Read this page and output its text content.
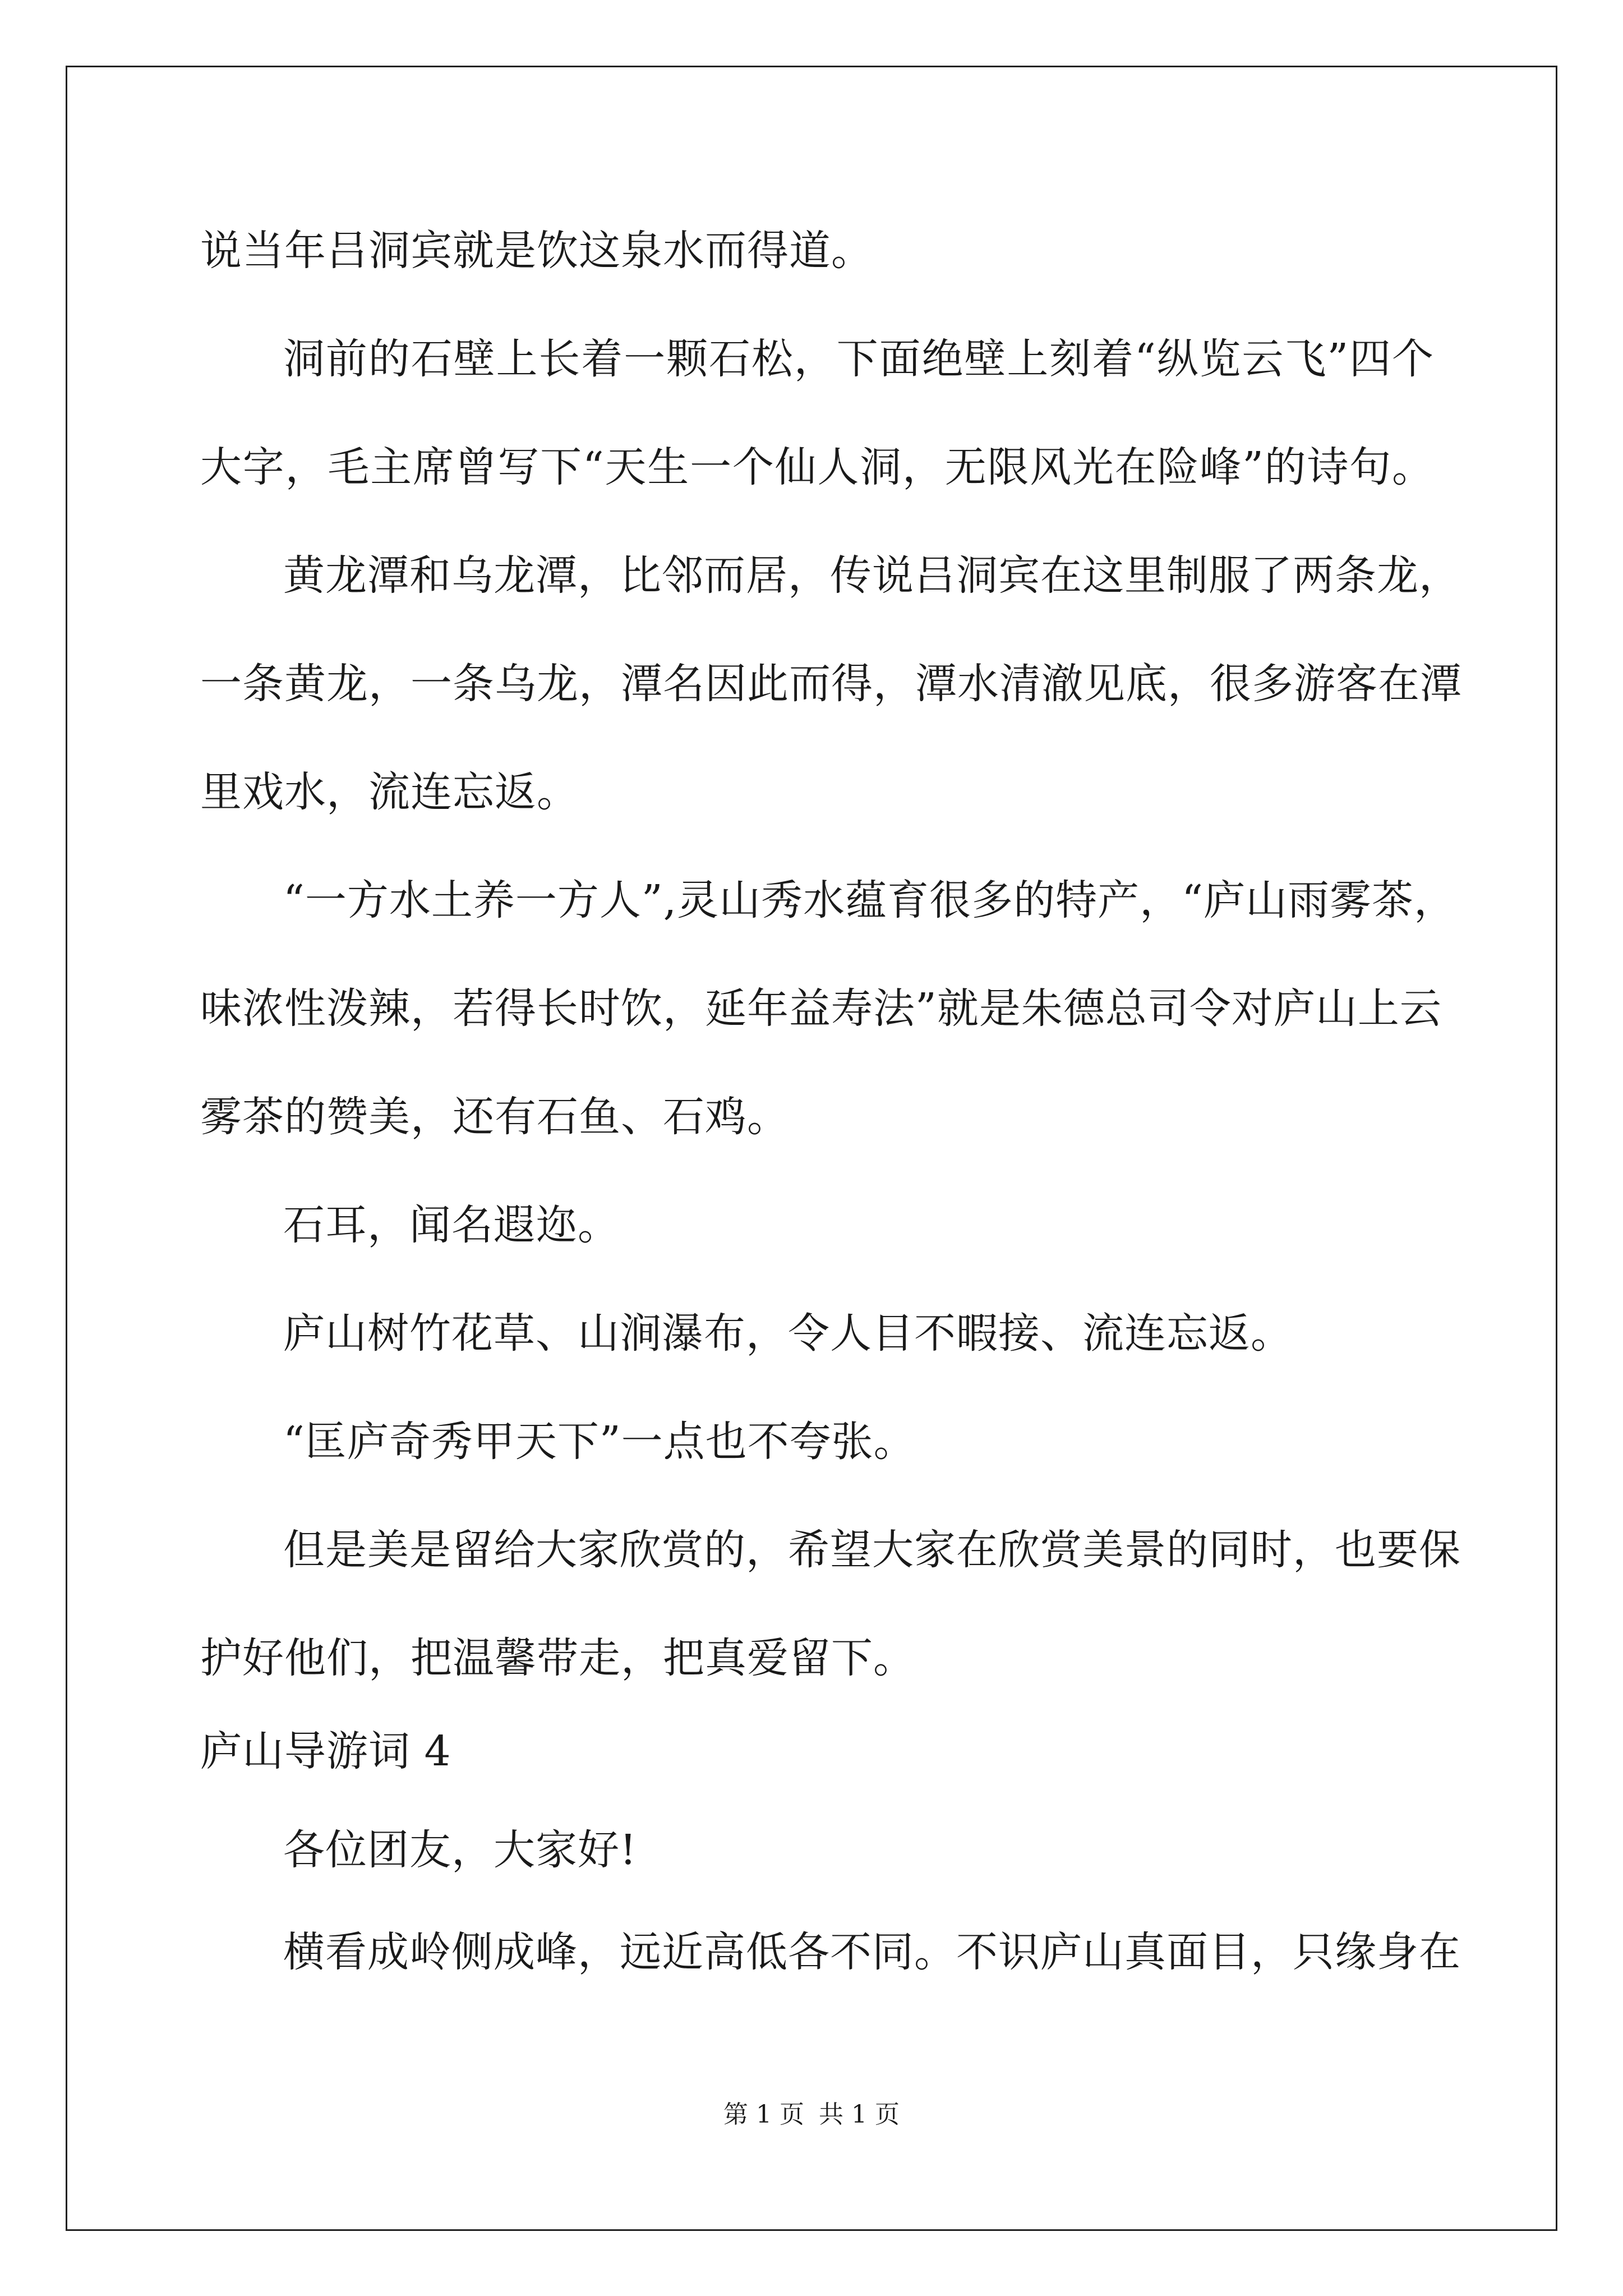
说当年吕洞宾就是饮这泉水而得道。
洞前的石壁上长着一颗石松，下面绝壁上刻着“纵览云飞”四个
大字，毛主席曾写下“天生一个仙人洞，无限风光在险峰”的诗句。
黄龙潭和乌龙潭，比邻而居，传说吕洞宾在这里制服了两条龙，
一条黄龙，一条乌龙，潭名因此而得，潭水清澈见底，很多游客在潭
里戏水，流连忘返。
“一方水土养一方人”,灵山秀水蕴育很多的特产，“庐山雨雾茶，
味浓性泼辣，若得长时饮，延年益寿法”就是朱德总司令对庐山上云
雾茶的赞美，还有石鱼、石鸡。
石耳，闻名遐迩。
庐山树竹花草、山涧瀑布，令人目不暇接、流连忘返。
“匡庐奇秀甲天下”一点也不夸张。
但是美是留给大家欣赏的，希望大家在欣赏美景的同时，也要保
护好他们，把温馨带走，把真爱留下。
庐山导游词 4
各位团友，大家好!
横看成岭侧成峰，远近高低各不同。不识庐山真面目，只缘身在
第 1 页 共 1 页
